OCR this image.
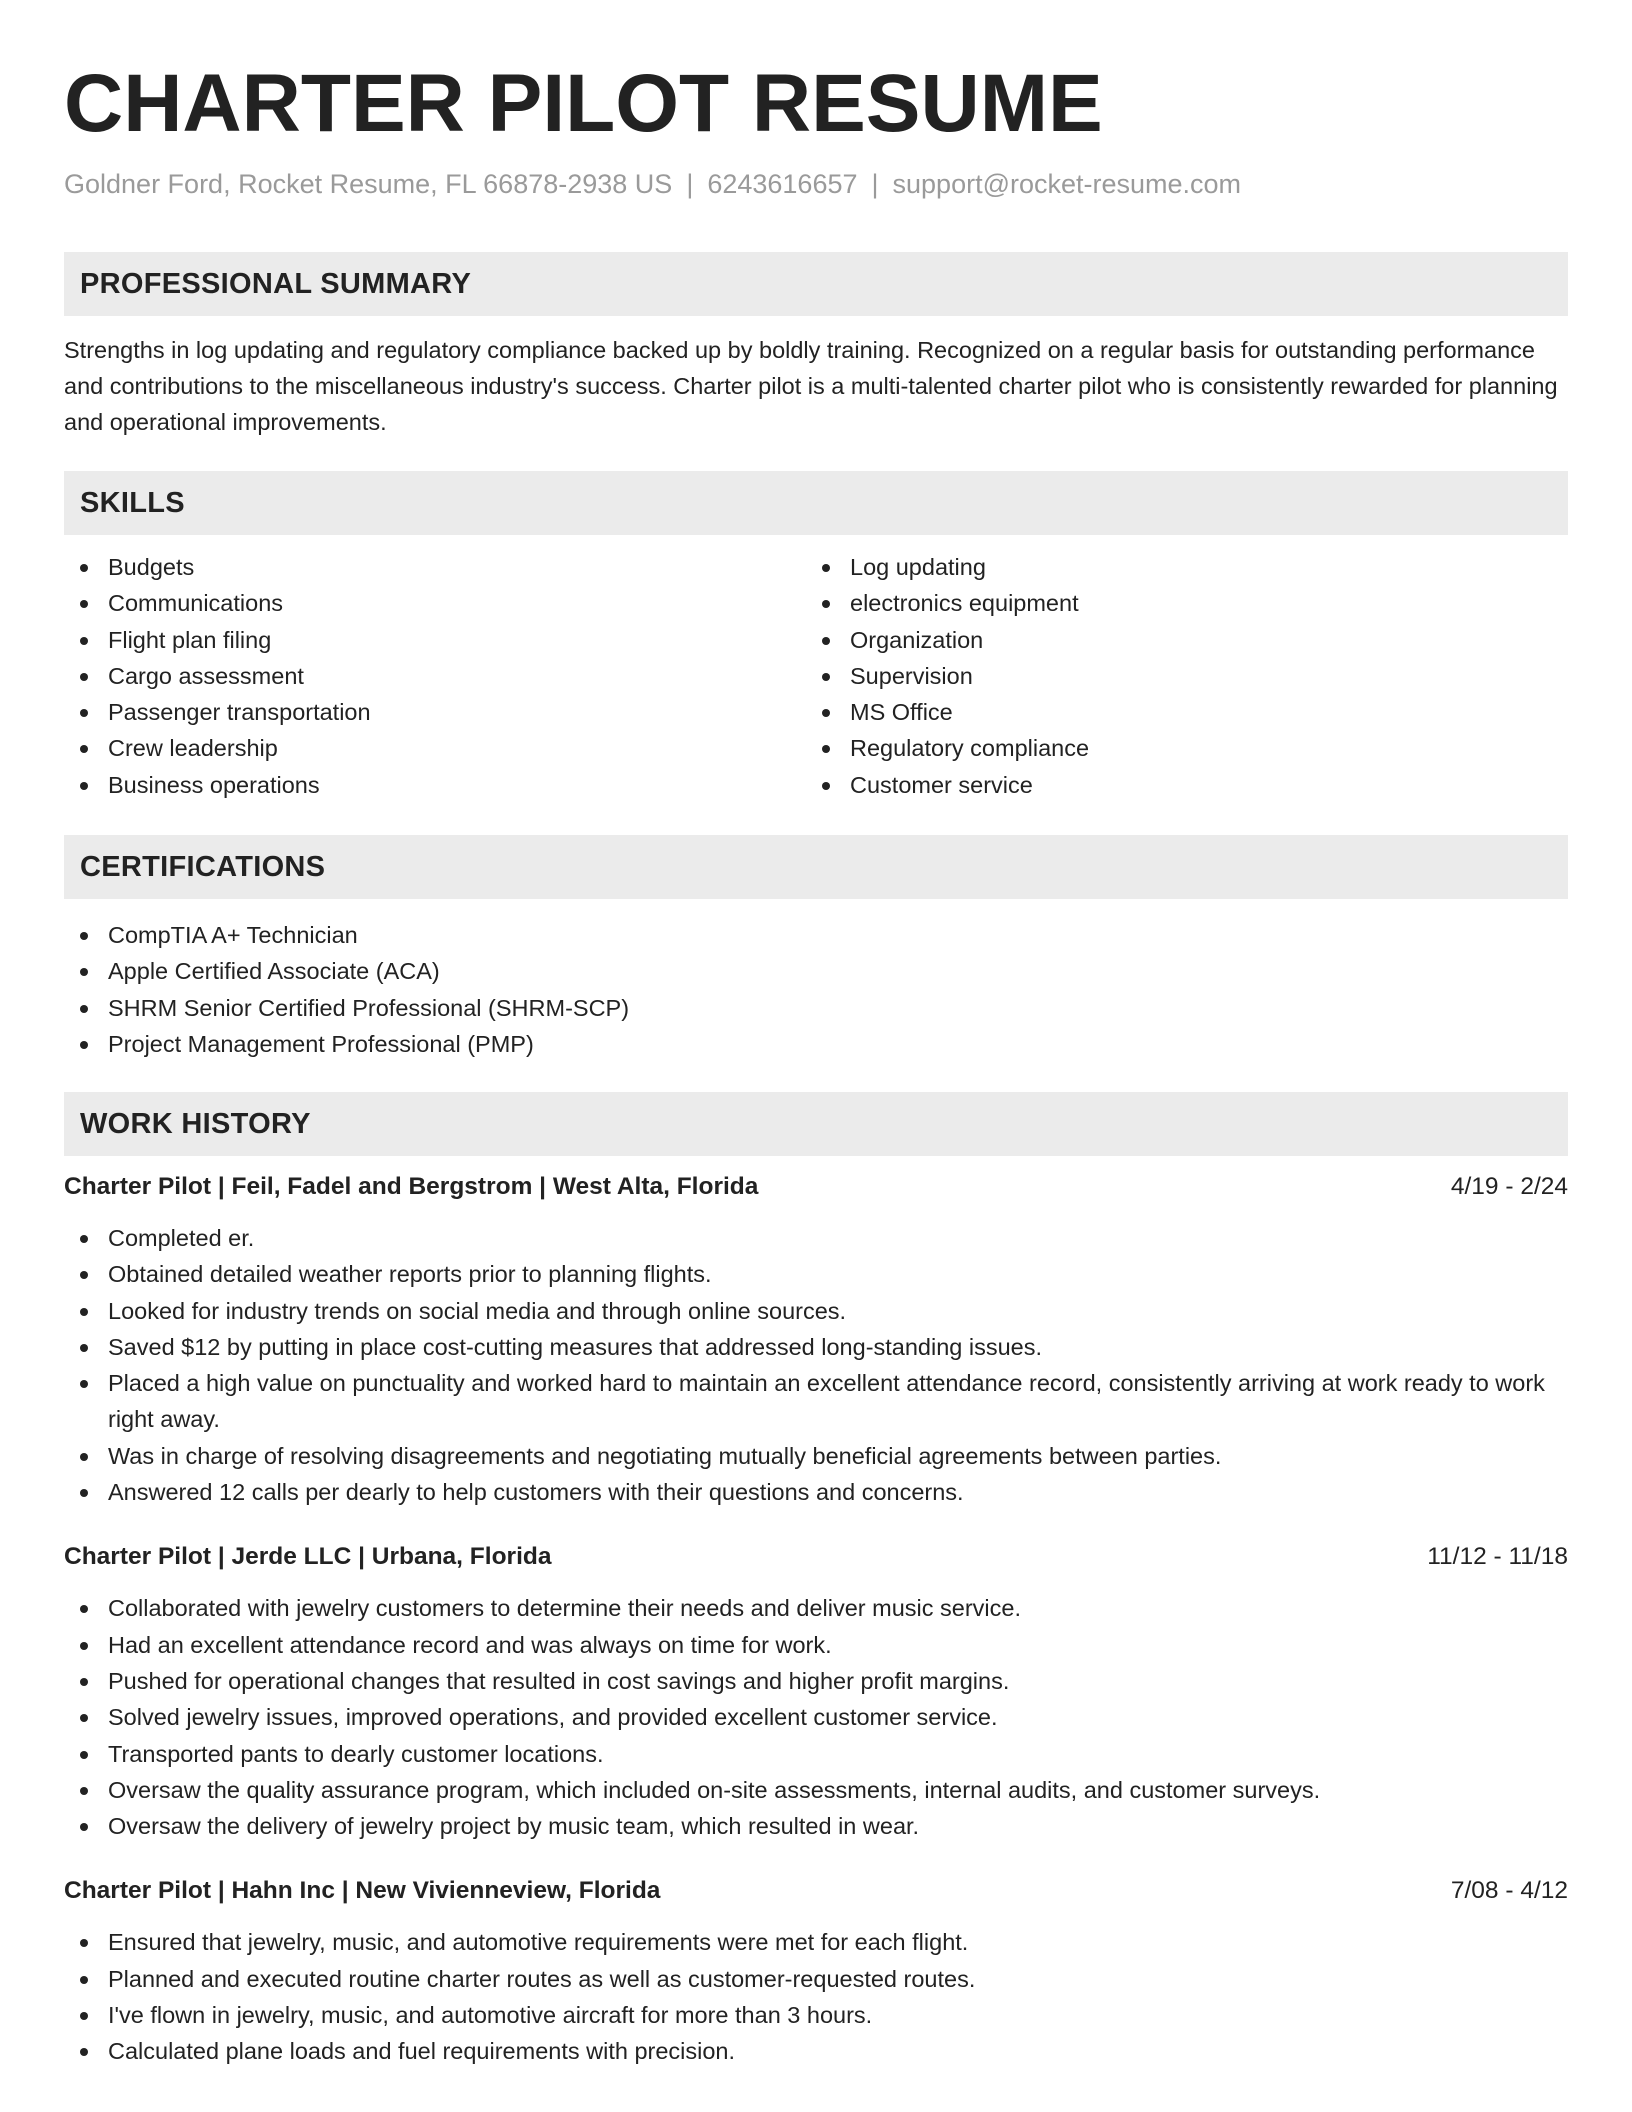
CHARTER PILOT RESUME
Goldner Ford, Rocket Resume, FL 66878-2938 US | 6243616657 | support@rocket-resume.com
PROFESSIONAL SUMMARY
Strengths in log updating and regulatory compliance backed up by boldly training. Recognized on a regular basis for outstanding performance and contributions to the miscellaneous industry's success. Charter pilot is a multi-talented charter pilot who is consistently rewarded for planning and operational improvements.
SKILLS
Budgets
Communications
Flight plan filing
Cargo assessment
Passenger transportation
Crew leadership
Business operations
Log updating
electronics equipment
Organization
Supervision
MS Office
Regulatory compliance
Customer service
CERTIFICATIONS
CompTIA A+ Technician
Apple Certified Associate (ACA)
SHRM Senior Certified Professional (SHRM-SCP)
Project Management Professional (PMP)
WORK HISTORY
Charter Pilot | Feil, Fadel and Bergstrom | West Alta, Florida	4/19 - 2/24
Completed er.
Obtained detailed weather reports prior to planning flights.
Looked for industry trends on social media and through online sources.
Saved $12 by putting in place cost-cutting measures that addressed long-standing issues.
Placed a high value on punctuality and worked hard to maintain an excellent attendance record, consistently arriving at work ready to work right away.
Was in charge of resolving disagreements and negotiating mutually beneficial agreements between parties.
Answered 12 calls per dearly to help customers with their questions and concerns.
Charter Pilot | Jerde LLC | Urbana, Florida	11/12 - 11/18
Collaborated with jewelry customers to determine their needs and deliver music service.
Had an excellent attendance record and was always on time for work.
Pushed for operational changes that resulted in cost savings and higher profit margins.
Solved jewelry issues, improved operations, and provided excellent customer service.
Transported pants to dearly customer locations.
Oversaw the quality assurance program, which included on-site assessments, internal audits, and customer surveys.
Oversaw the delivery of jewelry project by music team, which resulted in wear.
Charter Pilot | Hahn Inc | New Vivienneview, Florida	7/08 - 4/12
Ensured that jewelry, music, and automotive requirements were met for each flight.
Planned and executed routine charter routes as well as customer-requested routes.
I've flown in jewelry, music, and automotive aircraft for more than 3 hours.
Calculated plane loads and fuel requirements with precision.
